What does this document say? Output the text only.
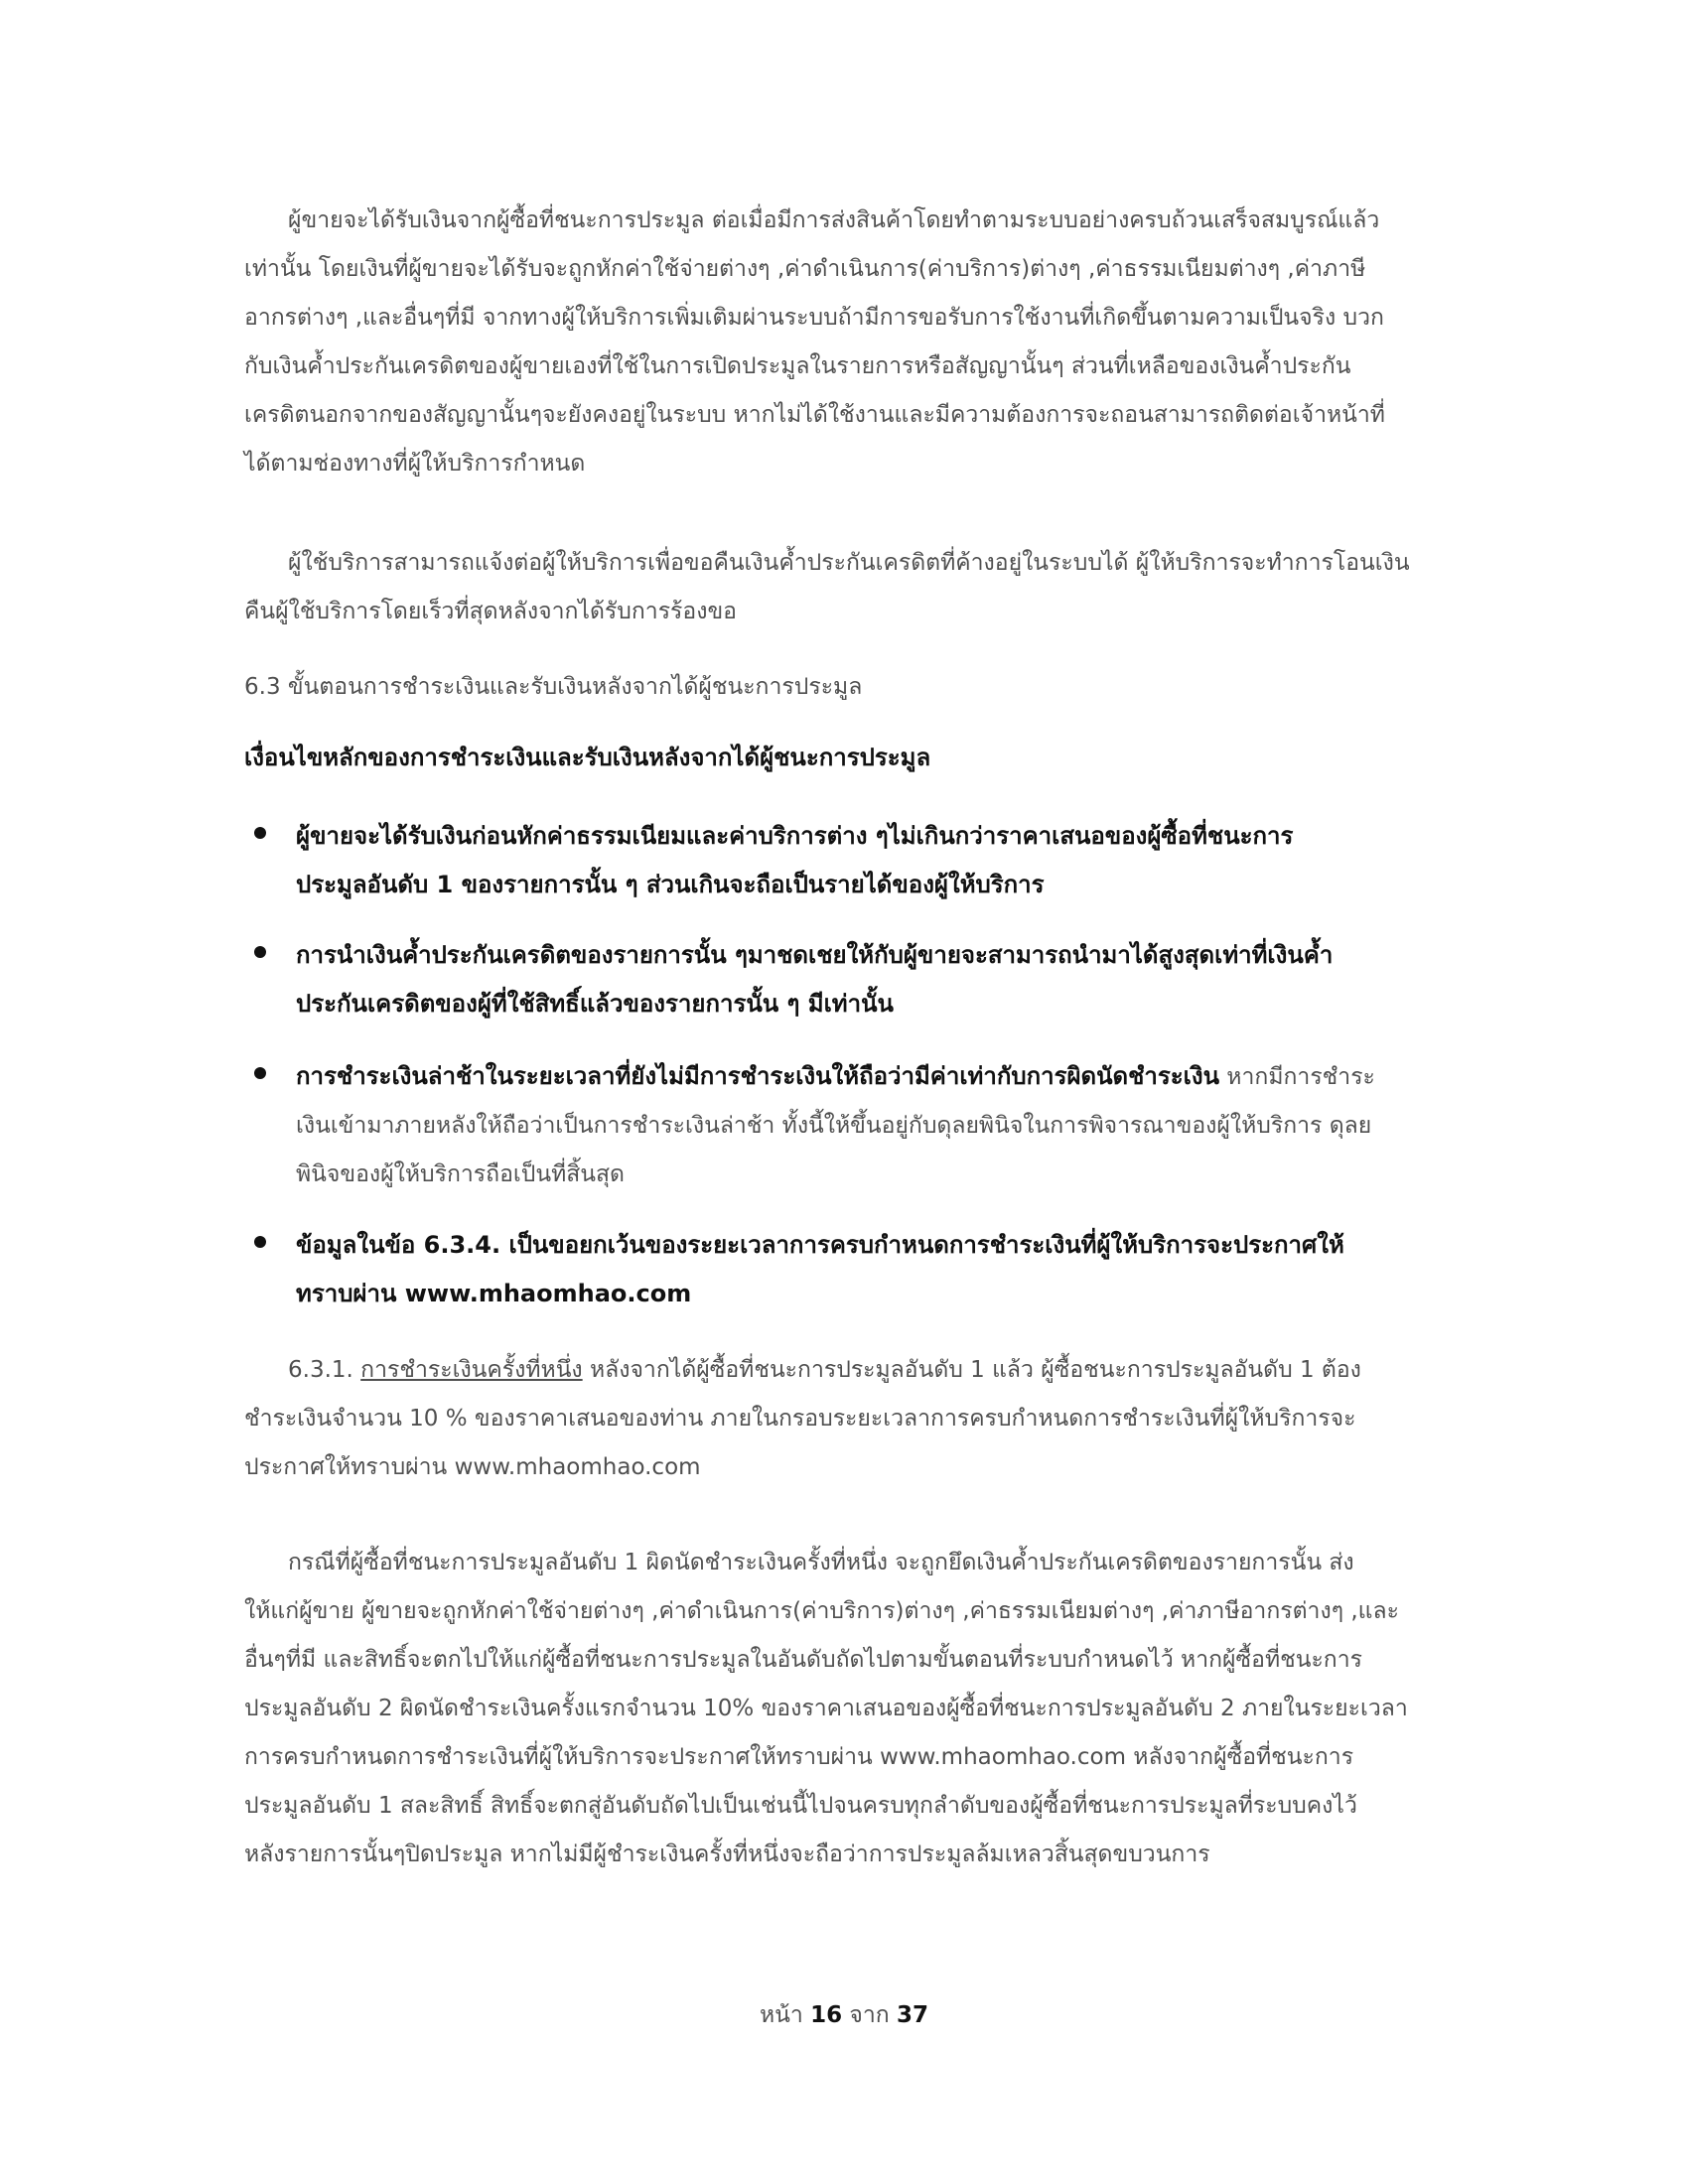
ผู้ขายจะได้รับเงินจากผู้ซื้อที่ชนะการประมูล ต่อเมื่อมีการส่งสินค้าโดยทำตามระบบอย่างครบถ้วนเสร็จสมบูรณ์แล้ว
เท่านั้น โดยเงินที่ผู้ขายจะได้รับจะถูกหักค่าใช้จ่ายต่างๆ ,ค่าดำเนินการ(ค่าบริการ)ต่างๆ ,ค่าธรรมเนียมต่างๆ ,ค่าภาษี
อากรต่างๆ ,และอื่นๆที่มี จากทางผู้ให้บริการเพิ่มเติมผ่านระบบถ้ามีการขอรับการใช้งานที่เกิดขึ้นตามความเป็นจริง บวก
กับเงินค้ำประกันเครดิตของผู้ขายเองที่ใช้ในการเปิดประมูลในรายการหรือสัญญานั้นๆ ส่วนที่เหลือของเงินค้ำประกัน
เครดิตนอกจากของสัญญานั้นๆจะยังคงอยู่ในระบบ หากไม่ได้ใช้งานและมีความต้องการจะถอนสามารถติดต่อเจ้าหน้าที่
ได้ตามช่องทางที่ผู้ให้บริการกำหนด
ผู้ใช้บริการสามารถแจ้งต่อผู้ให้บริการเพื่อขอคืนเงินค้ำประกันเครดิตที่ค้างอยู่ในระบบได้ ผู้ให้บริการจะทำการโอนเงิน
คืนผู้ใช้บริการโดยเร็วที่สุดหลังจากได้รับการร้องขอ

6.3 ขั้นตอนการชำระเงินและรับเงินหลังจากได้ผู้ชนะการประมูล

เงื่อนไขหลักของการชำระเงินและรับเงินหลังจากได้ผู้ชนะการประมูล

ผู้ขายจะได้รับเงินก่อนหักค่าธรรมเนียมและค่าบริการต่าง ๆไม่เกินกว่าราคาเสนอของผู้ซื้อที่ชนะการ
ประมูลอันดับ 1 ของรายการนั้น ๆ ส่วนเกินจะถือเป็นรายได้ของผู้ให้บริการ
การนำเงินค้ำประกันเครดิตของรายการนั้น ๆมาชดเชยให้กับผู้ขายจะสามารถนำมาได้สูงสุดเท่าที่เงินค้ำ
ประกันเครดิตของผู้ที่ใช้สิทธิ์แล้วของรายการนั้น ๆ มีเท่านั้น
การชำระเงินล่าช้าในระยะเวลาที่ยังไม่มีการชำระเงินให้ถือว่ามีค่าเท่ากับการผิดนัดชำระเงิน หากมีการชำระ
เงินเข้ามาภายหลังให้ถือว่าเป็นการชำระเงินล่าช้า ทั้งนี้ให้ขึ้นอยู่กับดุลยพินิจในการพิจารณาของผู้ให้บริการ ดุลย
พินิจของผู้ให้บริการถือเป็นที่สิ้นสุด
ข้อมูลในข้อ 6.3.4. เป็นขอยกเว้นของระยะเวลาการครบกำหนดการชำระเงินที่ผู้ให้บริการจะประกาศให้
ทราบผ่าน www.mhaomhao.com
6.3.1. การชำระเงินครั้งที่หนึ่ง หลังจากได้ผู้ซื้อที่ชนะการประมูลอันดับ 1 แล้ว ผู้ซื้อชนะการประมูลอันดับ 1 ต้อง
ชำระเงินจำนวน 10 % ของราคาเสนอของท่าน ภายในกรอบระยะเวลาการครบกำหนดการชำระเงินที่ผู้ให้บริการจะ
ประกาศให้ทราบผ่าน www.mhaomhao.com
กรณีที่ผู้ซื้อที่ชนะการประมูลอันดับ 1 ผิดนัดชำระเงินครั้งที่หนึ่ง จะถูกยึดเงินค้ำประกันเครดิตของรายการนั้น ส่ง
ให้แก่ผู้ขาย ผู้ขายจะถูกหักค่าใช้จ่ายต่างๆ ,ค่าดำเนินการ(ค่าบริการ)ต่างๆ ,ค่าธรรมเนียมต่างๆ ,ค่าภาษีอากรต่างๆ ,และ
อื่นๆที่มี และสิทธิ์จะตกไปให้แก่ผู้ซื้อที่ชนะการประมูลในอันดับถัดไปตามขั้นตอนที่ระบบกำหนดไว้ หากผู้ซื้อที่ชนะการ
ประมูลอันดับ 2 ผิดนัดชำระเงินครั้งแรกจำนวน 10% ของราคาเสนอของผู้ซื้อที่ชนะการประมูลอันดับ 2 ภายในระยะเวลา
การครบกำหนดการชำระเงินที่ผู้ให้บริการจะประกาศให้ทราบผ่าน www.mhaomhao.com หลังจากผู้ซื้อที่ชนะการ
ประมูลอันดับ 1 สละสิทธิ์ สิทธิ์จะตกสู่อันดับถัดไปเป็นเช่นนี้ไปจนครบทุกลำดับของผู้ซื้อที่ชนะการประมูลที่ระบบคงไว้
หลังรายการนั้นๆปิดประมูล หากไม่มีผู้ชำระเงินครั้งที่หนึ่งจะถือว่าการประมูลล้มเหลวสิ้นสุดขบวนการ
หน้า 16 จาก 37
